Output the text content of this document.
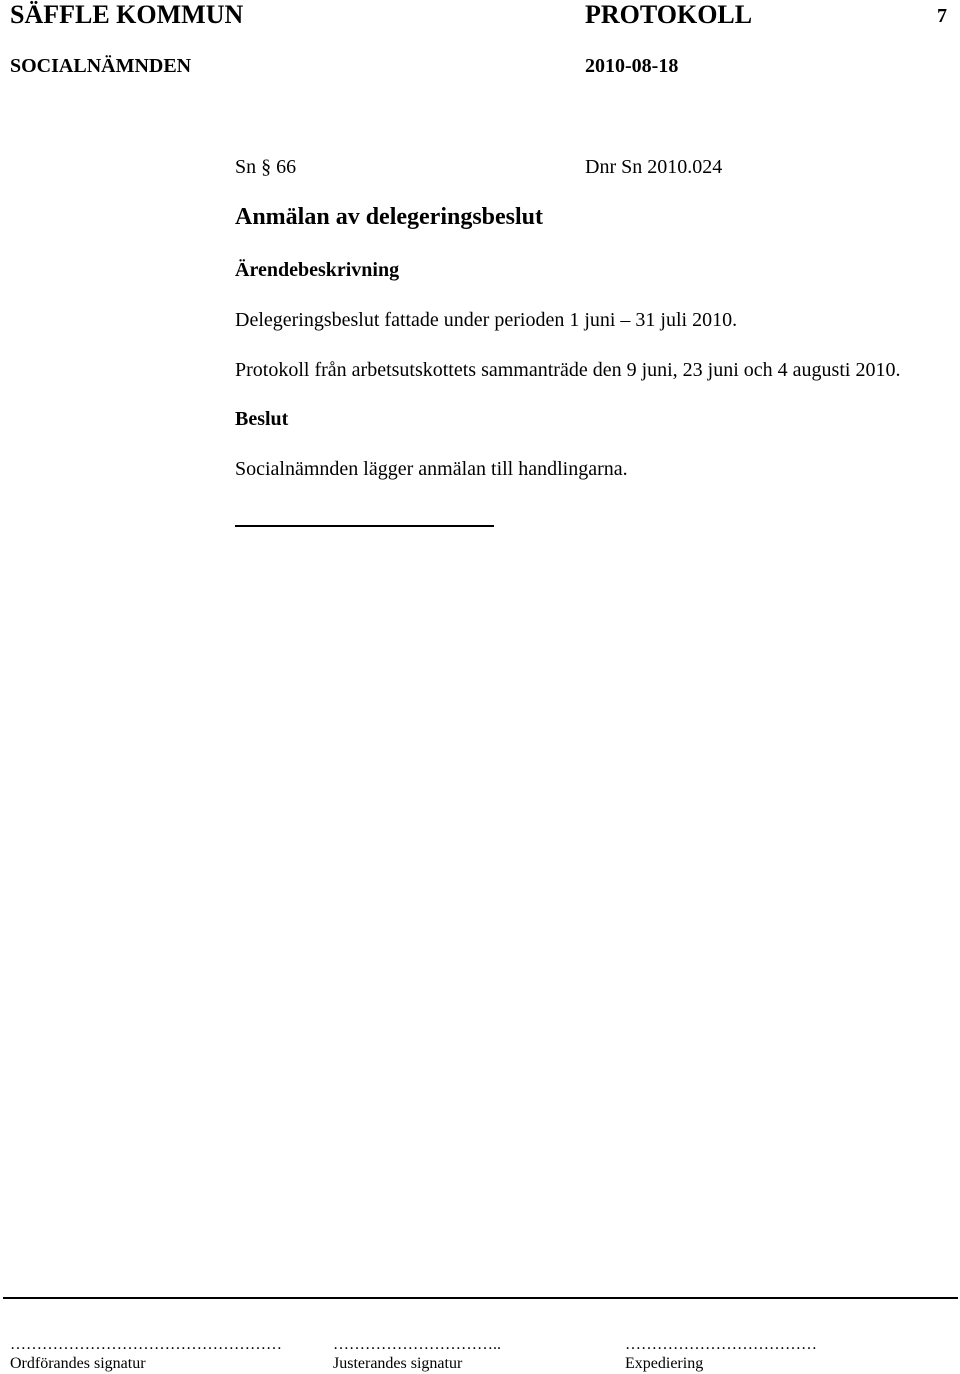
SÄFFLE KOMMUN	PROTOKOLL	7
SOCIALNÄMNDEN	2010-08-18
Sn § 66	Dnr Sn 2010.024
Anmälan av delegeringsbeslut
Ärendebeskrivning
Delegeringsbeslut fattade under perioden 1 juni – 31 juli 2010.
Protokoll från arbetsutskottets sammanträde den 9 juni, 23 juni och 4 augusti 2010.
Beslut
Socialnämnden lägger anmälan till handlingarna.
……………………………………………
Ordförandes signatur
…………………………..
Justerandes signatur
………………………………
Expediering
